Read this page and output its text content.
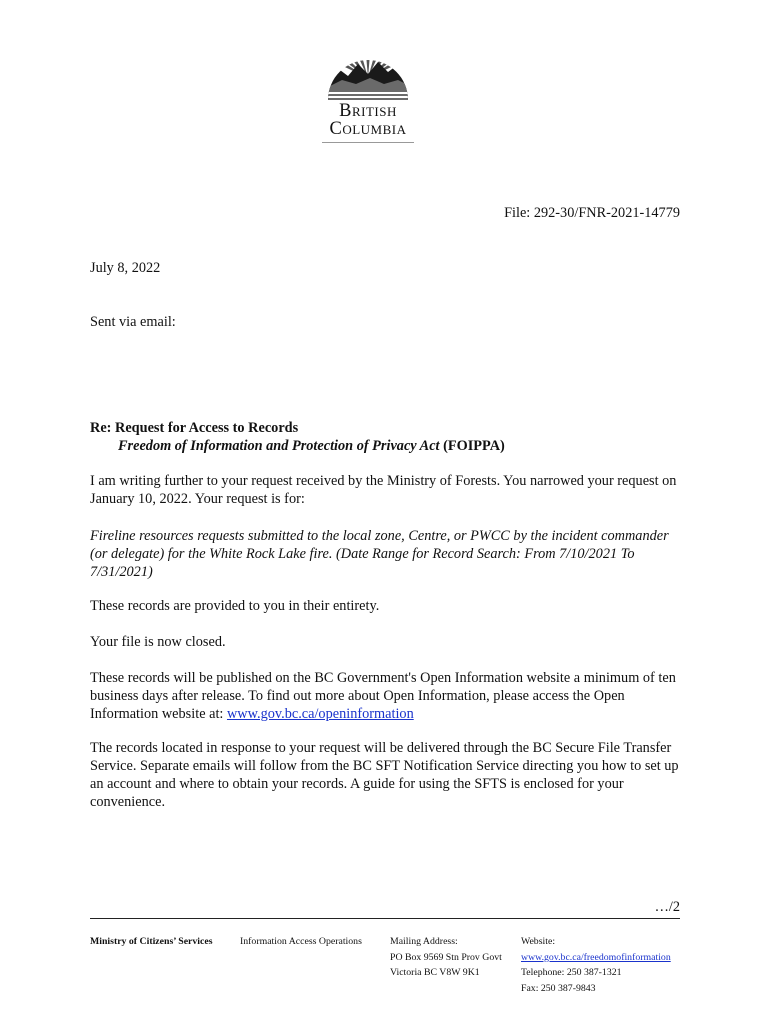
British
Columbia
File: 292-30/FNR-2021-14779
July 8, 2022
Sent via email:
Re: Request for Access to Records
Freedom of Information and Protection of Privacy Act (FOIPPA)
I am writing further to your request received by the Ministry of Forests. You narrowed your request on January 10, 2022. Your request is for:
Fireline resources requests submitted to the local zone, Centre, or PWCC by the incident commander (or delegate) for the White Rock Lake fire. (Date Range for Record Search: From 7/10/2021 To 7/31/2021)
These records are provided to you in their entirety.
Your file is now closed.
These records will be published on the BC Government's Open Information website a minimum of ten business days after release. To find out more about Open Information, please access the Open Information website at: www.gov.bc.ca/openinformation
The records located in response to your request will be delivered through the BC Secure File Transfer Service. Separate emails will follow from the BC SFT Notification Service directing you how to set up an account and where to obtain your records. A guide for using the SFTS is enclosed for your convenience.
…/2
Ministry of Citizens’ Services	Information Access Operations	Mailing Address:
PO Box 9569 Stn Prov Govt
Victoria BC V8W 9K1
Website:
www.gov.bc.ca/freedomofinformation
Telephone: 250 387-1321
Fax: 250 387-9843
